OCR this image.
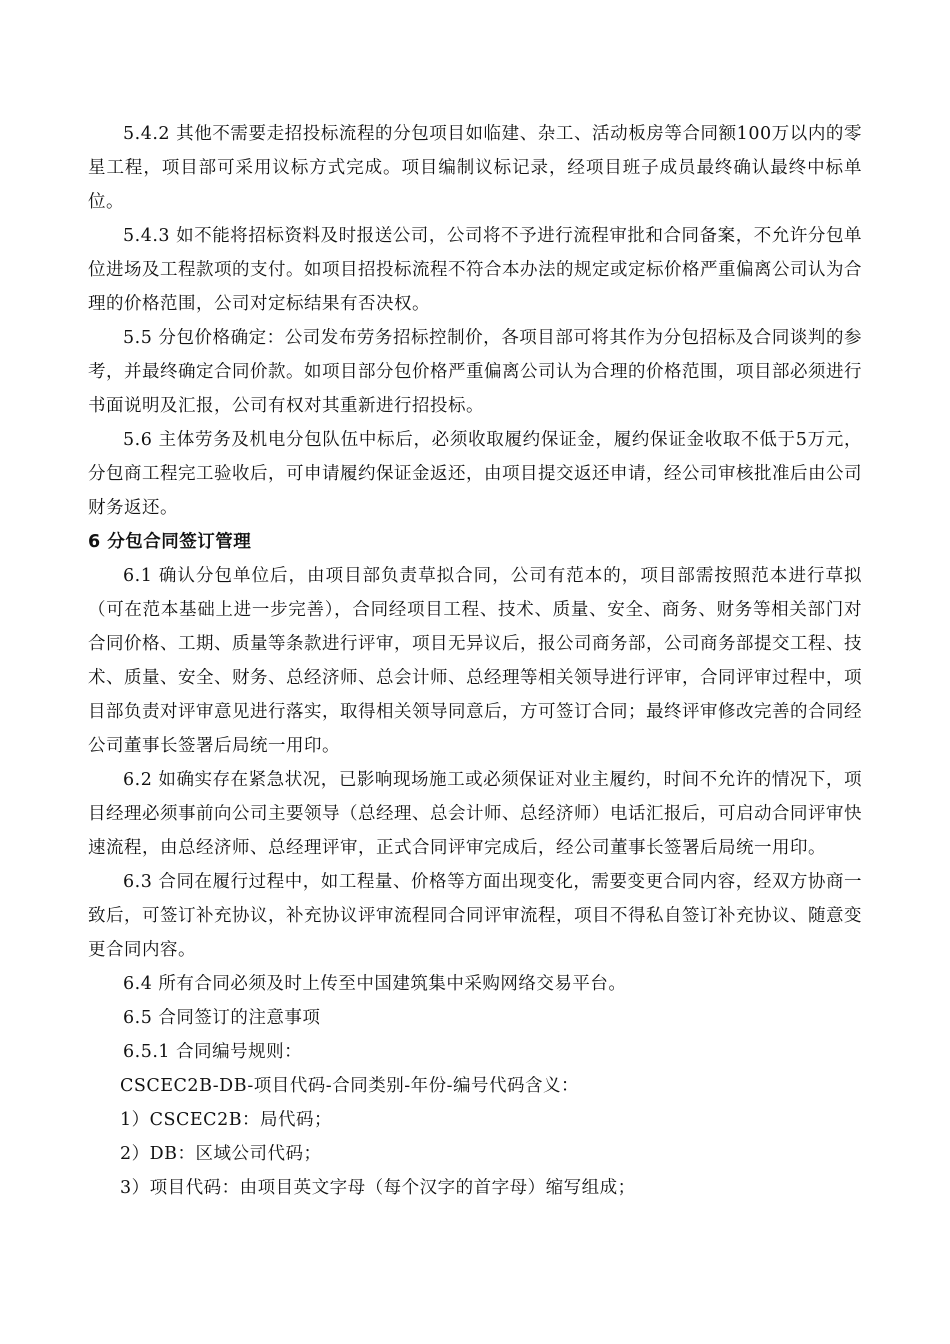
5.4.2 其他不需要走招投标流程的分包项目如临建、杂工、活动板房等合同额100万以内的零星工程，项目部可采用议标方式完成。项目编制议标记录，经项目班子成员最终确认最终中标单位。

5.4.3 如不能将招标资料及时报送公司，公司将不予进行流程审批和合同备案，不允许分包单位进场及工程款项的支付。如项目招投标流程不符合本办法的规定或定标价格严重偏离公司认为合理的价格范围，公司对定标结果有否决权。

5.5 分包价格确定：公司发布劳务招标控制价，各项目部可将其作为分包招标及合同谈判的参考，并最终确定合同价款。如项目部分包价格严重偏离公司认为合理的价格范围，项目部必须进行书面说明及汇报，公司有权对其重新进行招投标。

5.6 主体劳务及机电分包队伍中标后，必须收取履约保证金，履约保证金收取不低于5万元，分包商工程完工验收后，可申请履约保证金返还，由项目提交返还申请，经公司审核批准后由公司财务返还。

6 分包合同签订管理

6.1 确认分包单位后，由项目部负责草拟合同，公司有范本的，项目部需按照范本进行草拟（可在范本基础上进一步完善），合同经项目工程、技术、质量、安全、商务、财务等相关部门对合同价格、工期、质量等条款进行评审，项目无异议后，报公司商务部，公司商务部提交工程、技术、质量、安全、财务、总经济师、总会计师、总经理等相关领导进行评审，合同评审过程中，项目部负责对评审意见进行落实，取得相关领导同意后，方可签订合同；最终评审修改完善的合同经公司董事长签署后局统一用印。

6.2 如确实存在紧急状况，已影响现场施工或必须保证对业主履约，时间不允许的情况下，项目经理必须事前向公司主要领导（总经理、总会计师、总经济师）电话汇报后，可启动合同评审快速流程，由总经济师、总经理评审，正式合同评审完成后，经公司董事长签署后局统一用印。

6.3 合同在履行过程中，如工程量、价格等方面出现变化，需要变更合同内容，经双方协商一致后，可签订补充协议，补充协议评审流程同合同评审流程，项目不得私自签订补充协议、随意变更合同内容。

6.4 所有合同必须及时上传至中国建筑集中采购网络交易平台。

6.5 合同签订的注意事项

6.5.1 合同编号规则：

CSCEC2B-DB-项目代码-合同类别-年份-编号代码含义：

1）CSCEC2B：局代码；

2）DB：区域公司代码；

3）项目代码：由项目英文字母（每个汉字的首字母）缩写组成；
